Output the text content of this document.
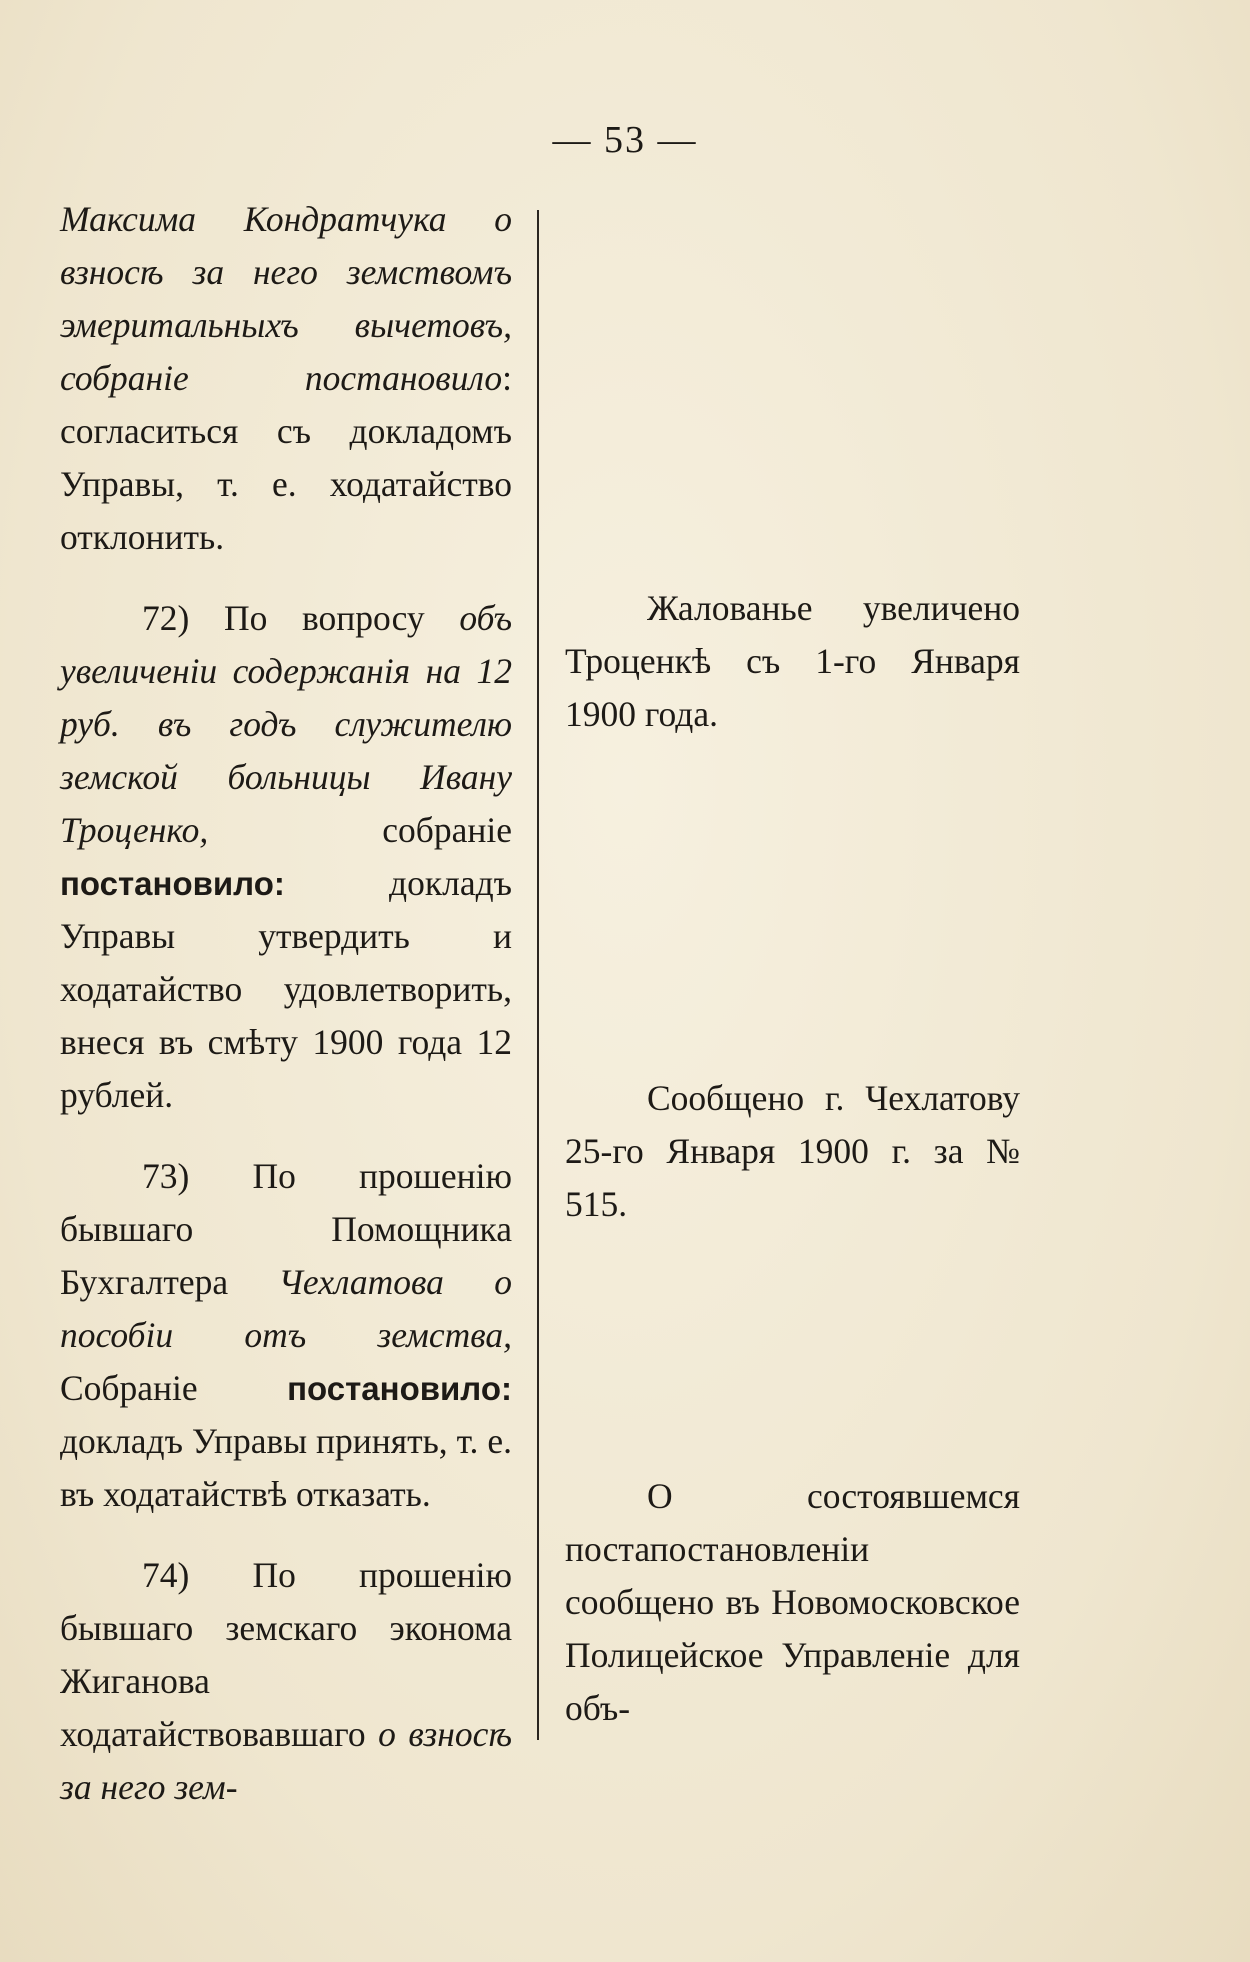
— 53 —

Максима Кондратчука о взносѣ за него земствомъ эмеритальныхъ вычетовъ, собраніе постановило: согласиться съ докладомъ Управы, т. е. ходатайство отклонить.

72) По вопросу объ увеличеніи содержанія на 12 руб. въ годъ служителю земской больницы Ивану Троценко,	собраніе постановило:	докладъ Управы утвердить и ходатайство удовлетворить, внеся въ смѣту 1900 года 12 рублей.

73) По прошенію бывшаго Помощника Бухгалтера Чехлатова о пособіи отъ земства, Собраніе	постановило: докладъ Управы принять, т. е. въ ходатайствѣ отказать.

74) По прошенію бывшаго земскаго эконома Жиганова ходатайствовавшаго о взносѣ за него зем-

Жалованье увеличено Троценкѣ съ 1-го Января 1900 года.

Сообщено г. Чехлатову 25-го Января 1900 г. за № 515.

О состоявшемся постапостановленіи сообщено въ Новомосковское Полицейское Управленіе для объ-
